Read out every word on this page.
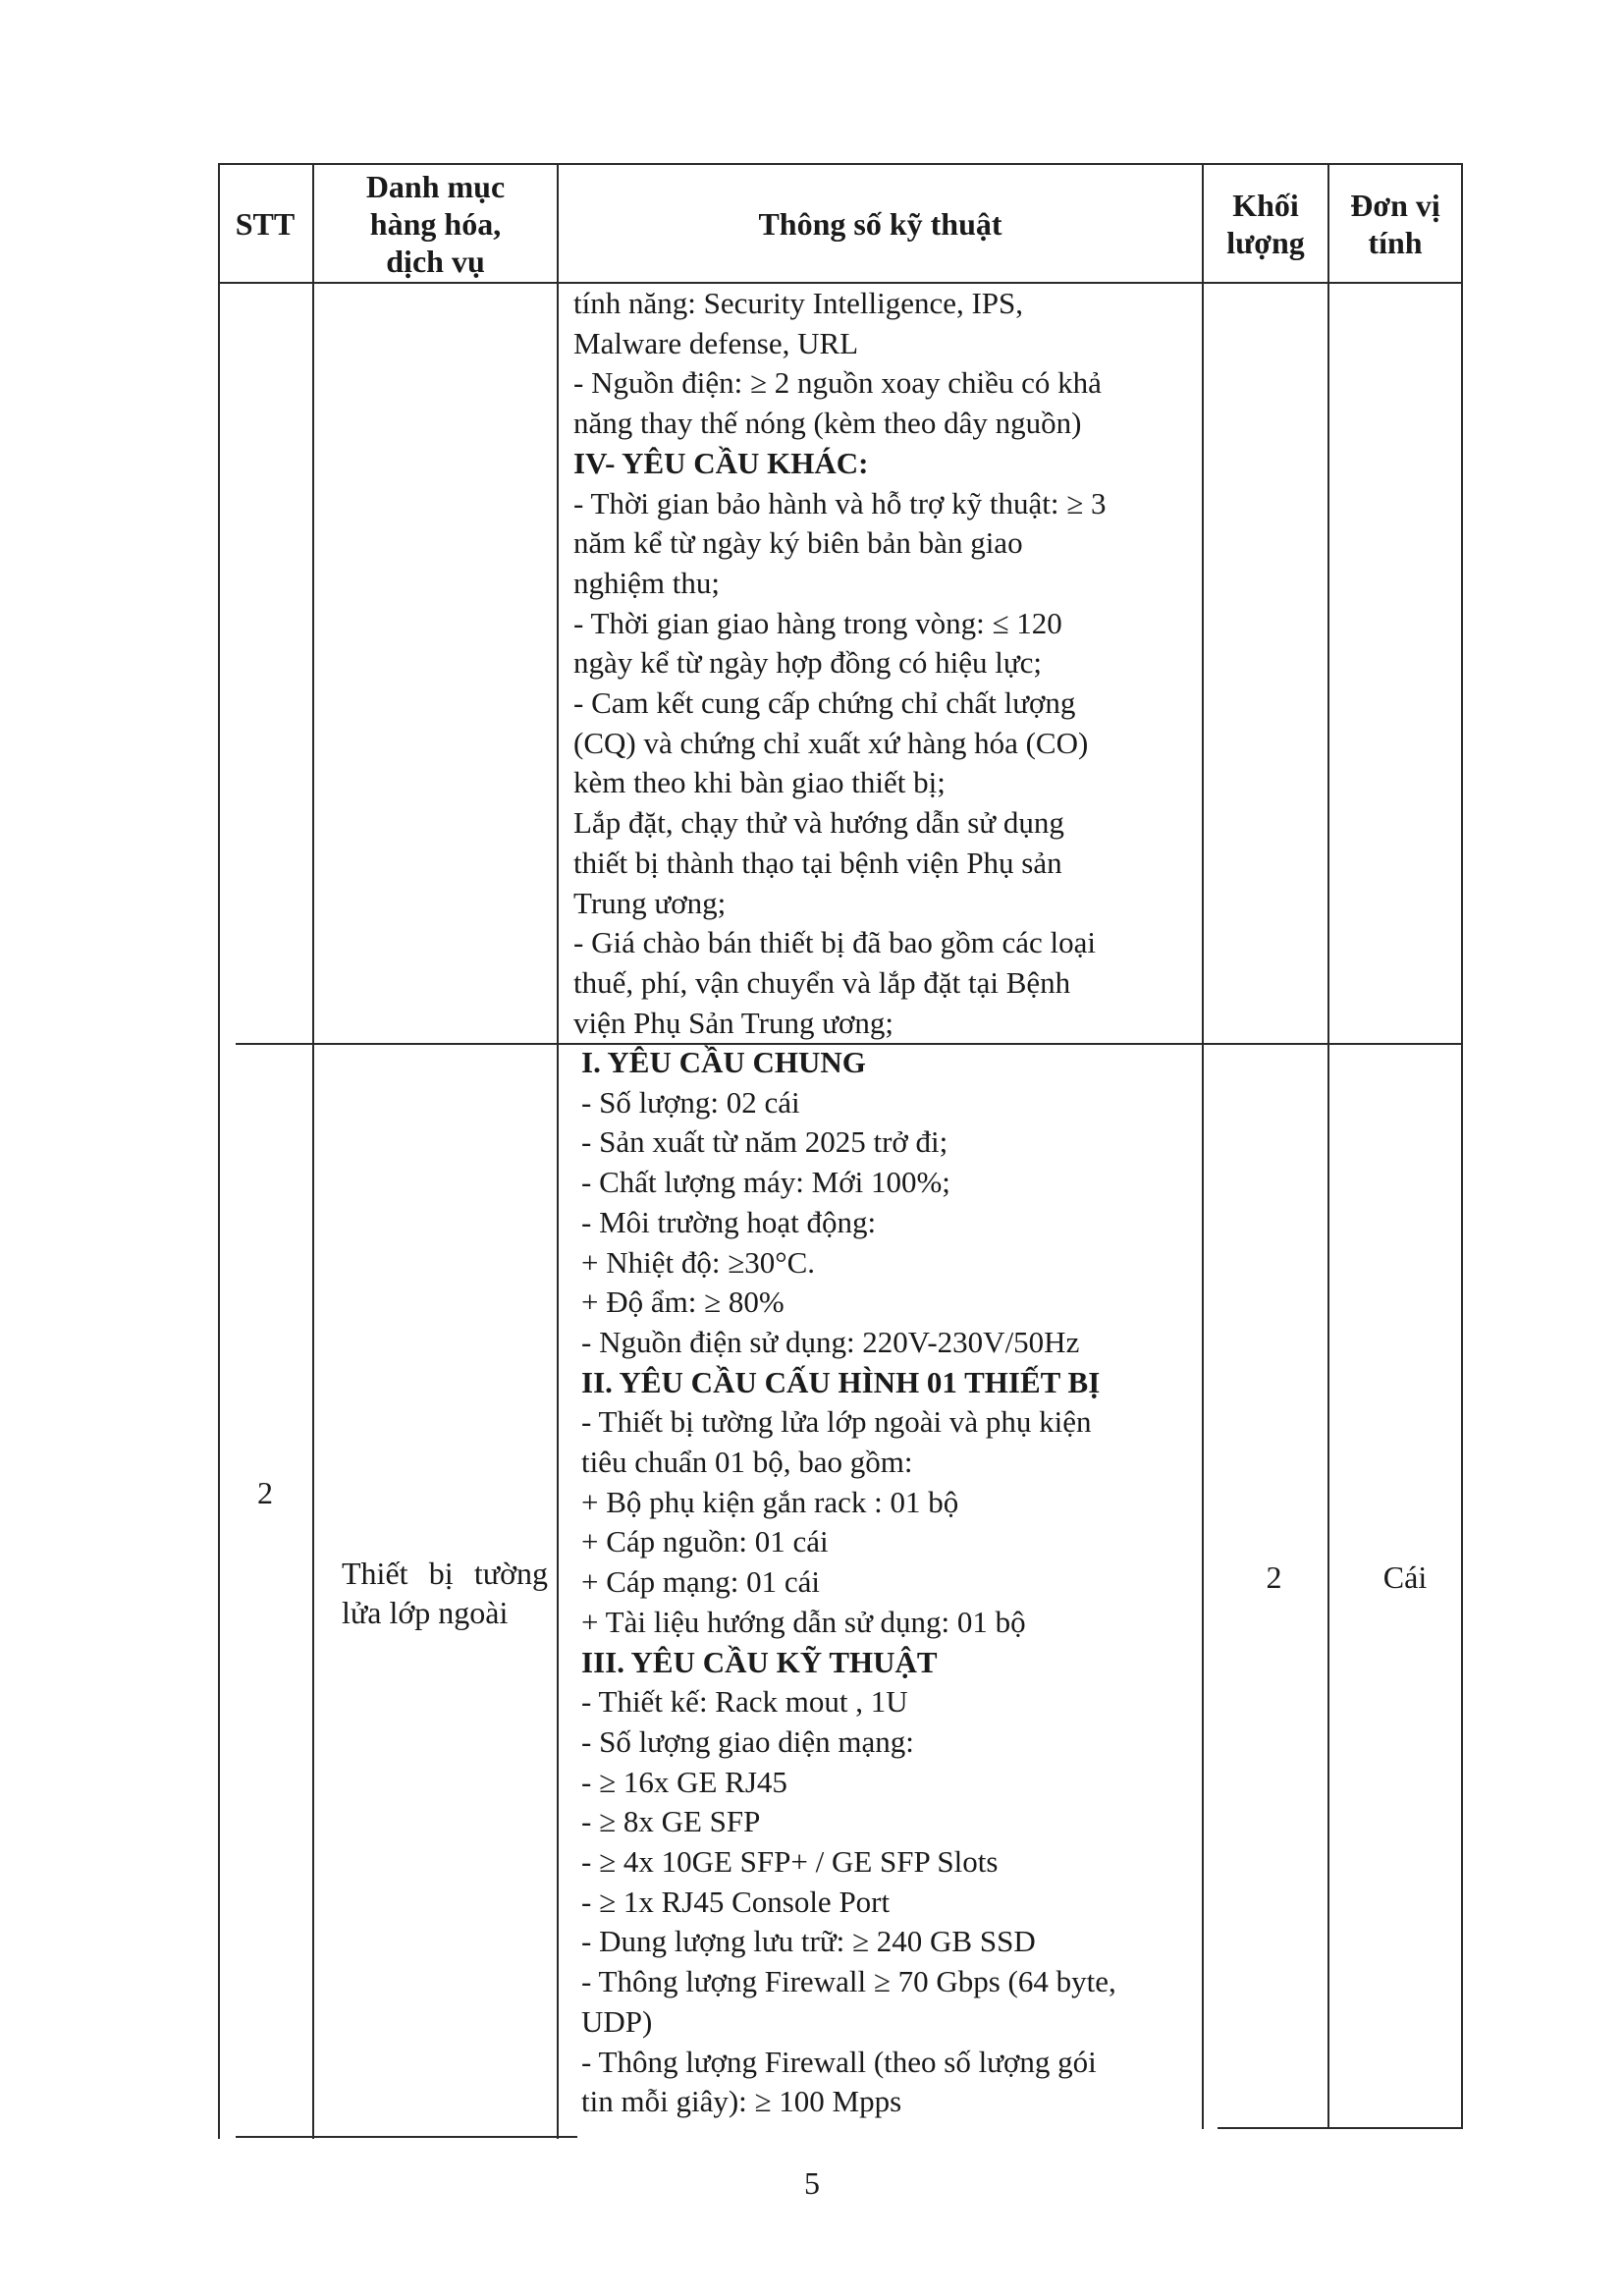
STT
Danh mục
hàng hóa,
dịch vụ
Thông số kỹ thuật
Khối
lượng
Đơn vị
tính
tính năng: Security Intelligence, IPS,
Malware defense, URL
- Nguồn điện: ≥ 2 nguồn xoay chiều có khả
năng thay thế nóng (kèm theo dây nguồn)
IV- YÊU CẦU KHÁC:
- Thời gian bảo hành và hỗ trợ kỹ thuật: ≥ 3
năm kể từ ngày ký biên bản bàn giao
nghiệm thu;
- Thời gian giao hàng trong vòng: ≤ 120
ngày kể từ ngày hợp đồng có hiệu lực;
- Cam kết cung cấp chứng chỉ chất lượng
(CQ) và chứng chỉ xuất xứ hàng hóa (CO)
kèm theo khi bàn giao thiết bị;
Lắp đặt, chạy thử và hướng dẫn sử dụng
thiết bị thành thạo tại bệnh viện Phụ sản
Trung ương;
- Giá chào bán thiết bị đã bao gồm các loại
thuế, phí, vận chuyển và lắp đặt tại Bệnh
viện Phụ Sản Trung ương;
2
Thiết bị tường
lửa lớp ngoài
I. YÊU CẦU CHUNG
- Số lượng: 02 cái
- Sản xuất từ năm 2025 trở đi;
- Chất lượng máy: Mới 100%;
- Môi trường hoạt động:
+ Nhiệt độ: ≥30°C.
+ Độ ẩm: ≥ 80%
- Nguồn điện sử dụng: 220V-230V/50Hz
II. YÊU CẦU CẤU HÌNH 01 THIẾT BỊ
- Thiết bị tường lửa lớp ngoài và phụ kiện
tiêu chuẩn 01 bộ, bao gồm:
+ Bộ phụ kiện gắn rack : 01 bộ
+ Cáp nguồn: 01 cái
+ Cáp mạng: 01 cái
+ Tài liệu hướng dẫn sử dụng: 01 bộ
III. YÊU CẦU KỸ THUẬT
- Thiết kế: Rack mout , 1U
- Số lượng giao diện mạng:
- ≥ 16x GE RJ45
- ≥ 8x GE SFP
- ≥ 4x 10GE SFP+ / GE SFP Slots
- ≥ 1x RJ45 Console Port
- Dung lượng lưu trữ: ≥ 240 GB SSD
- Thông lượng Firewall ≥ 70 Gbps (64 byte,
UDP)
- Thông lượng Firewall (theo số lượng gói
tin mỗi giây): ≥ 100 Mpps
2	Cái
5
